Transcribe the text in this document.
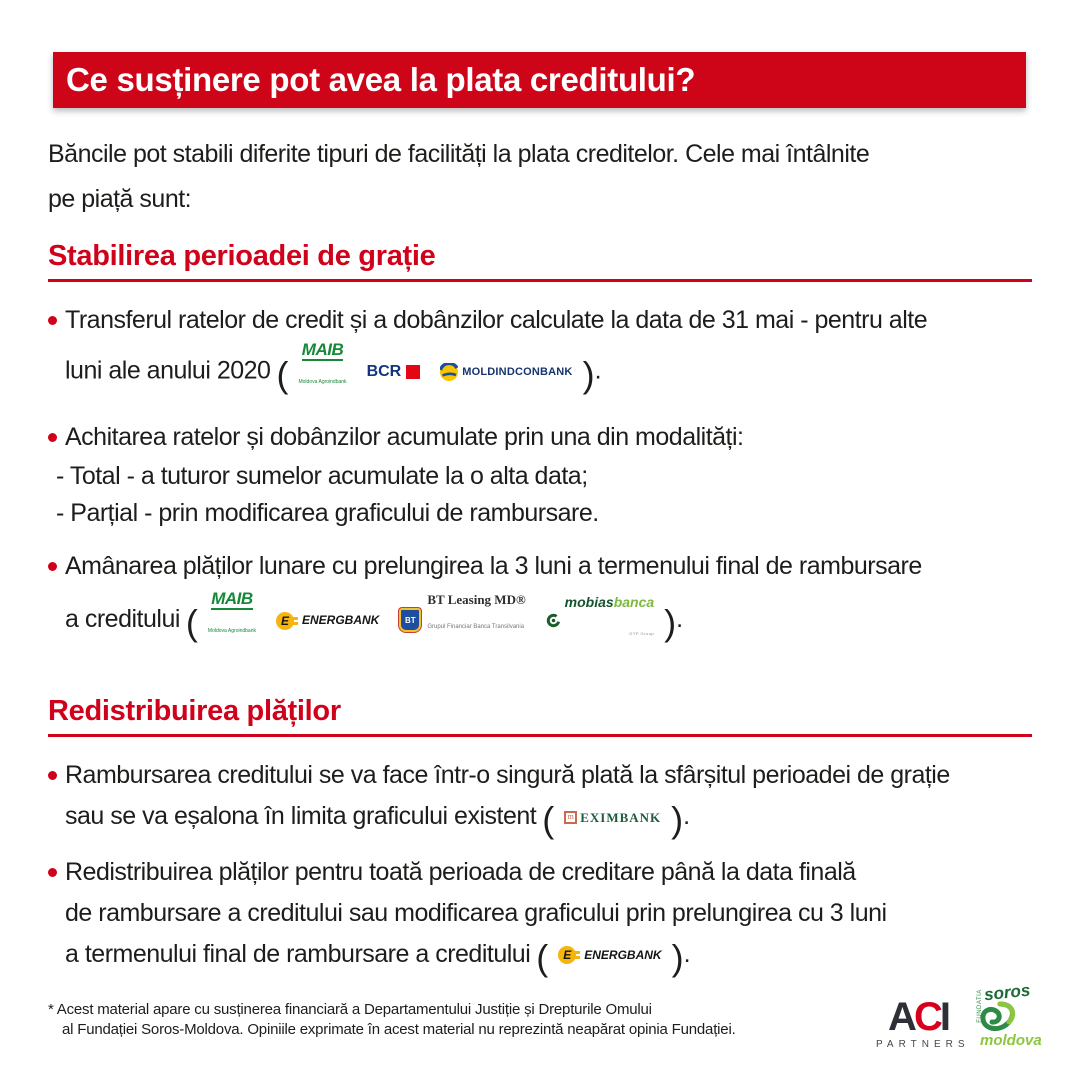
Ce susținere pot avea la plata creditului?
Băncile pot stabili diferite tipuri de facilități la plata creditelor. Cele mai întâlnite
pe piață sunt:
Stabilirea perioadei de grație
Transferul ratelor de credit și a dobânzilor calculate la data de 31 mai - pentru alte
luni ale anului 2020 (
MAIB
Moldova Agroindbank
BCR	MOLDINDCONBANK ).
Achitarea ratelor și dobânzilor acumulate prin una din modalități:
- Total - a tuturor sumelor acumulate la o alta data;
- Parțial - prin modificarea graficului de rambursare.
Amânarea plăților lunare cu prelungirea la 3 luni a termenului final de rambursare
a creditului (
MAIB
Moldova Agroindbank
E	ENERGBANK	BT
BT Leasing MD®
Grupul Financiar Banca Transilvania
mobiasbanca
OTP Group ).
Redistribuirea plăților
Rambursarea creditului se va face într-o singură plată la sfârșitul perioadei de grație
sau se va eșalona în limita graficului existent (	m EXIMBANK ).
Redistribuirea plăților pentru toată perioada de creditare până la data finală
de rambursare a creditului sau modificarea graficului prin prelungirea cu 3 luni
a termenului final de rambursare a creditului (	E	ENERGBANK ).
* Acest material apare cu susținerea financiară a Departamentului Justiție și Drepturile Omului
al Fundației Soros-Moldova. Opiniile exprimate în acest material nu reprezintă neapărat opinia Fundației.	ACI
PARTNERS
FUNDATIA soros
moldova
